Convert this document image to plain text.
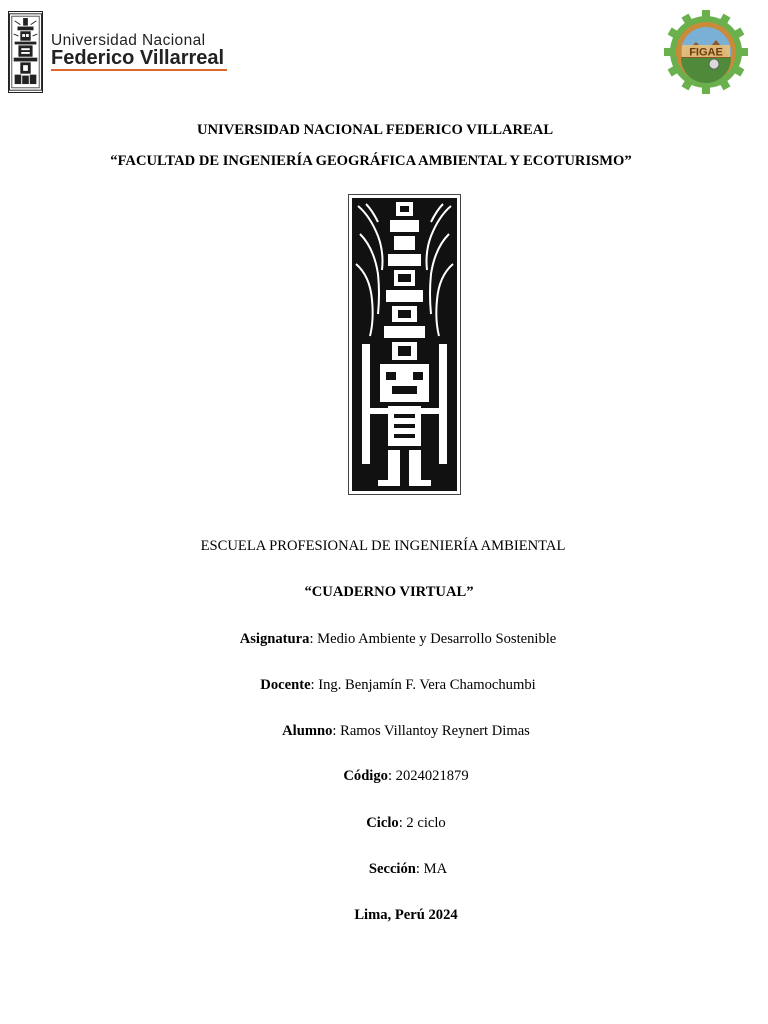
Universidad Nacional
Federico Villarreal	FIGAE
UNIVERSIDAD NACIONAL FEDERICO VILLAREAL
“FACULTAD DE INGENIERÍA GEOGRÁFICA AMBIENTAL Y ECOTURISMO”
ESCUELA PROFESIONAL DE INGENIERÍA AMBIENTAL
“CUADERNO VIRTUAL”
Asignatura: Medio Ambiente y Desarrollo Sostenible
Docente: Ing. Benjamín F. Vera Chamochumbi
Alumno: Ramos Villantoy Reynert Dimas
Código: 2024021879
Ciclo: 2 ciclo
Sección: MA
Lima, Perú 2024
